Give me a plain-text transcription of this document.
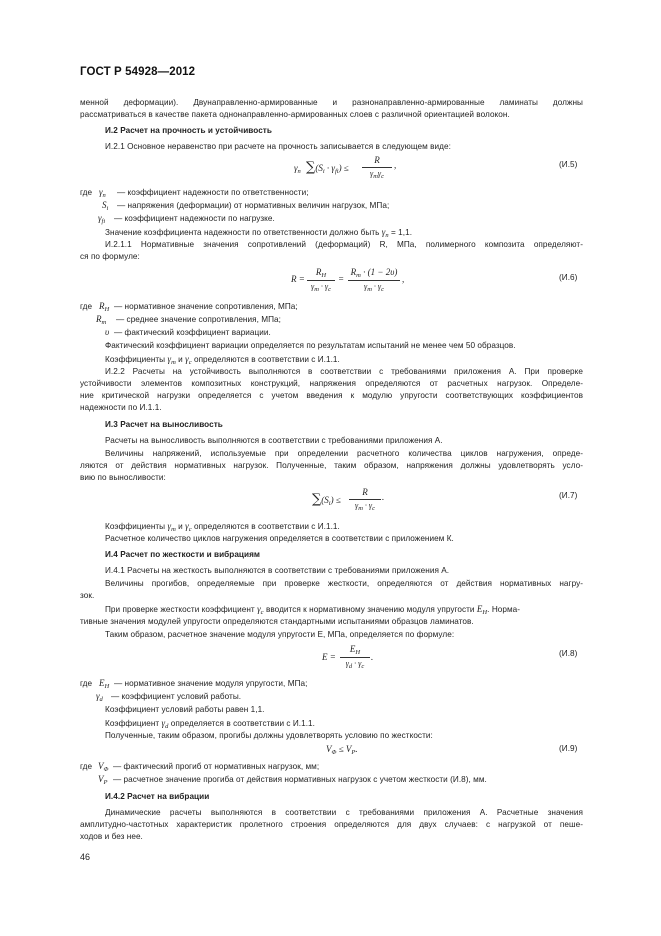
ГОСТ Р 54928—2012
менной деформации). Двунаправленно-армированные и разнонаправленно-армированные ламинаты должны
рассматриваться в качестве пакета однонаправленно-армированных слоев с различной ориентацией волокон.
И.2 Расчет на прочность и устойчивость
И.2.1 Основное неравенство при расчете на прочность записывается в следующем виде:
$\gamma_n$ $\sum(S_i \cdot \gamma_{fi})$ ≤
R
$\gamma_m\gamma_c$
,	(И.5)
где $\gamma_n$ — коэффициент надежности по ответственности;
$S_i$ — напряжения (деформации) от нормативных величин нагрузок, МПа;
$\gamma_{fi}$ — коэффициент надежности по нагрузке.
Значение коэффициента надежности по ответственности должно быть $\gamma_n = 1,1$.
И.2.1.1 Нормативные значения сопротивлений (деформаций) R, МПа, полимерного композита определяют-
ся по формуле:
R =
$R_H$
$\gamma_m \cdot \gamma_c$
=
$R_m \cdot (1 - 2\upsilon)$
$\gamma_m \cdot \gamma_c$
,	(И.6)
где $R_H$ — нормативное значение сопротивления, МПа;
$R_m$ — среднее значение сопротивления, МПа;
υ — фактический коэффициент вариации.
Фактический коэффициент вариации определяется по результатам испытаний не менее чем 50 образцов.
Коэффициенты $\gamma_m$ и $\gamma_c$ определяются в соответствии с И.1.1.
И.2.2 Расчеты на устойчивость выполняются в соответствии с требованиями приложения А. При проверке
устойчивости элементов композитных конструкций, напряжения определяются от расчетных нагрузок. Определе-
ние критической нагрузки определяется с учетом введения к модулю упругости соответствующих коэффициентов
надежности по И.1.1.
И.3 Расчет на выносливость
Расчеты на выносливость выполняются в соответствии с требованиями приложения А.
Величины напряжений, используемые при определении расчетного количества циклов нагружения, опреде-
ляются от действия нормативных нагрузок. Полученные, таким образом, напряжения должны удовлетворять усло-
вию по выносливости:
$\sum(S_i)$ ≤
R
$\gamma_m \cdot \gamma_c$
.	(И.7)
Коэффициенты $\gamma_m$ и $\gamma_c$ определяются в соответствии с И.1.1.
Расчетное количество циклов нагружения определяется в соответствии с приложением К.
И.4 Расчет по жесткости и вибрациям
И.4.1 Расчеты на жесткость выполняются в соответствии с требованиями приложения А.
Величины прогибов, определяемые при проверке жесткости, определяются от действия нормативных нагру-
зок.
При проверке жесткости коэффициент $\gamma_c$ вводится к нормативному значению модуля упругости $E_H$. Норма-
тивные значения модулей упругости определяются стандартными испытаниями образцов ламинатов.
Таким образом, расчетное значение модуля упругости E, МПа, определяется по формуле:
E =
$E_H$
$\gamma_d \cdot \gamma_c$
.	(И.8)
где $E_H$ — нормативное значение модуля упругости, МПа;
$\gamma_d$ — коэффициент условий работы.
Коэффициент условий работы равен 1,1.
Коэффициент $\gamma_d$ определяется в соответствии с И.1.1.
Полученные, таким образом, прогибы должны удовлетворять условию по жесткости:
$V_\Phi \le V_P$.	(И.9)
где $V_\Phi$ — фактический прогиб от нормативных нагрузок, мм;
$V_P$ — расчетное значение прогиба от действия нормативных нагрузок с учетом жесткости (И.8), мм.
И.4.2 Расчет на вибрации
Динамические расчеты выполняются в соответствии с требованиями приложения А. Расчетные значения
амплитудно-частотных характеристик пролетного строения определяются для двух случаев: с нагрузкой от пеше-
ходов и без нее.
46
